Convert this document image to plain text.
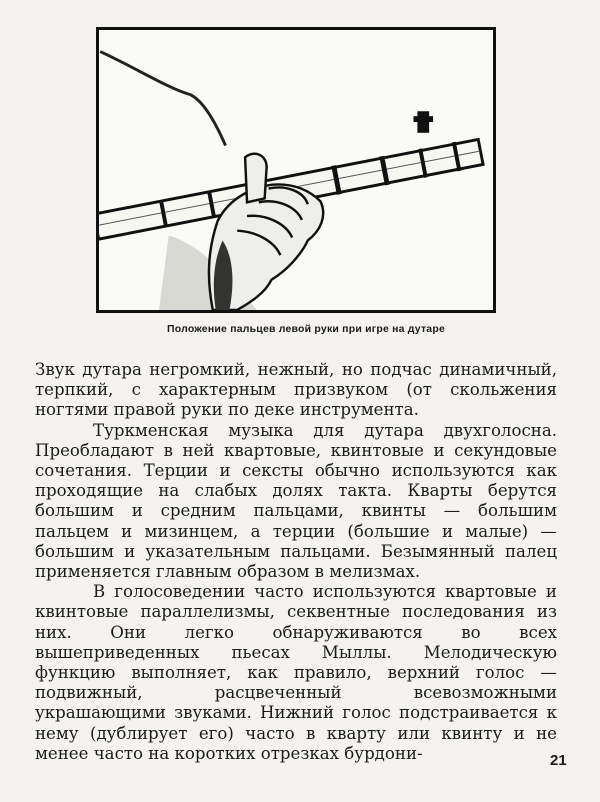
Положение пальцев левой руки при игре на дутаре

Звук дутара негромкий, нежный, но подчас динамичный, терпкий, с характерным призвуком (от скольжения ногтями правой руки по деке инструмента.

Туркменская музыка для дутара двухголосна. Преобладают в ней квартовые, квинтовые и секундовые сочетания. Терции и сексты обычно используются как проходящие на слабых долях такта. Кварты берутся большим и средним пальцами, квинты — большим пальцем и мизинцем, а терции (большие и малые) — большим и указательным пальцами. Безымянный палец применяется главным образом в мелизмах.

В голосоведении часто используются квартовые и квинтовые параллелизмы, секвентные последования из них. Они легко обнаруживаются во всех вышеприведенных пьесах Мыллы. Мелодическую функцию выполняет, как правило, верхний голос — подвижный, расцвеченный всевозможными украшающими звуками. Нижний голос подстраивается к нему (дублирует его) часто в кварту или квинту и не менее часто на коротких отрезках бурдони-	21
